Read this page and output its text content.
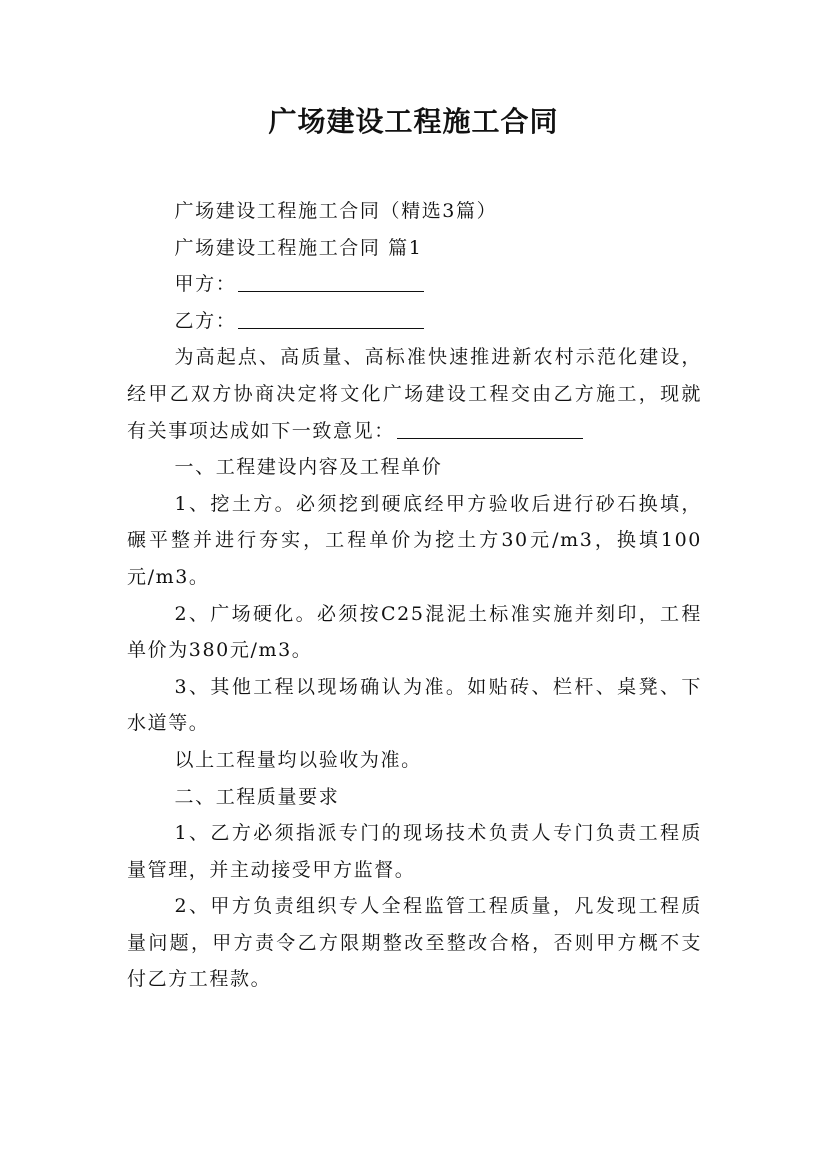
广场建设工程施工合同

广场建设工程施工合同（精选3篇）

广场建设工程施工合同 篇1

甲方：

乙方：

为高起点、高质量、高标准快速推进新农村示范化建设，经甲乙双方协商决定将文化广场建设工程交由乙方施工，现就有关事项达成如下一致意见：

一、工程建设内容及工程单价

1、挖土方。必须挖到硬底经甲方验收后进行砂石换填，碾平整并进行夯实，工程单价为挖土方30元/m3，换填100元/m3。

2、广场硬化。必须按C25混泥土标准实施并刻印，工程单价为380元/m3。

3、其他工程以现场确认为准。如贴砖、栏杆、桌凳、下水道等。

以上工程量均以验收为准。

二、工程质量要求

1、乙方必须指派专门的现场技术负责人专门负责工程质量管理，并主动接受甲方监督。

2、甲方负责组织专人全程监管工程质量，凡发现工程质量问题，甲方责令乙方限期整改至整改合格，否则甲方概不支付乙方工程款。
